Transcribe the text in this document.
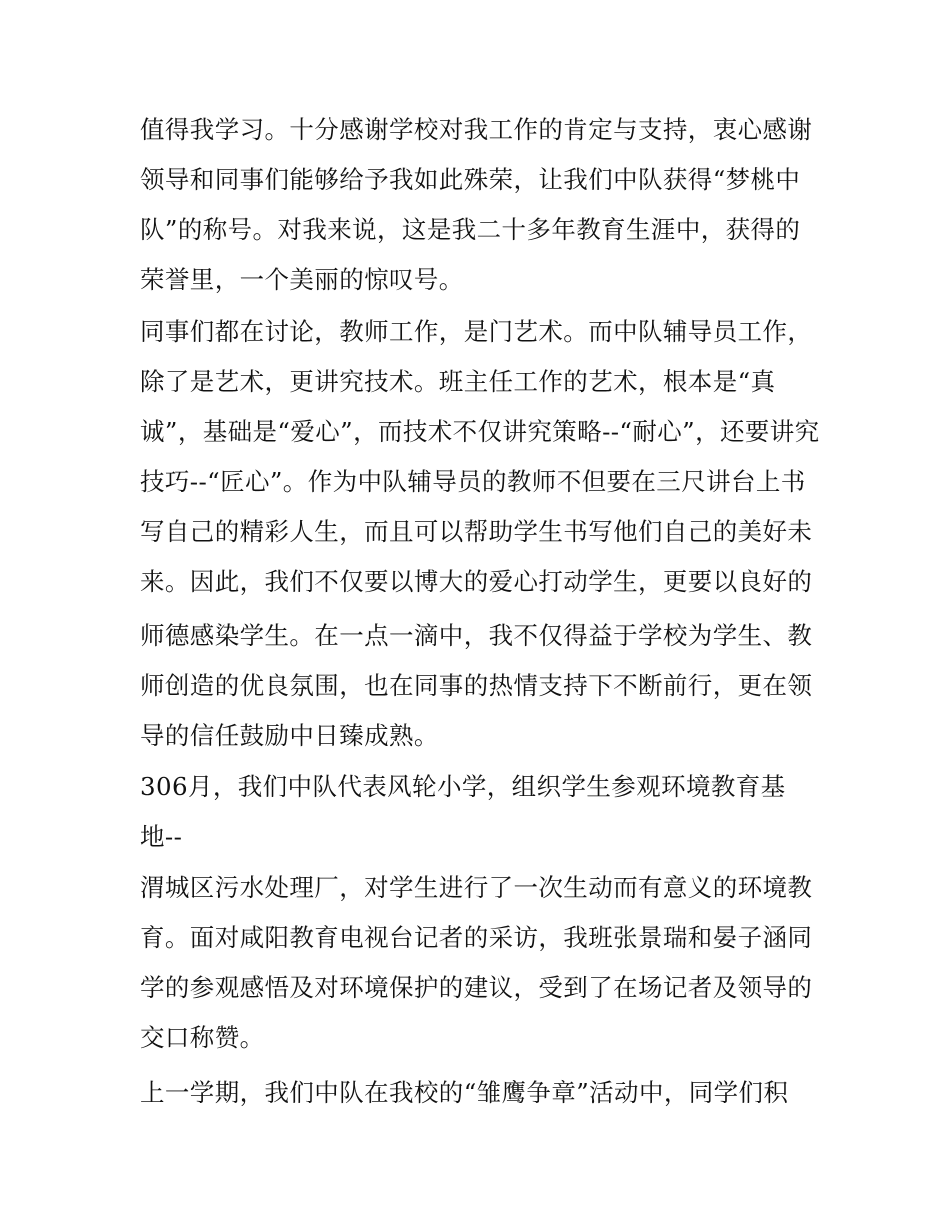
值得我学习。十分感谢学校对我工作的肯定与支持，衷心感谢
领导和同事们能够给予我如此殊荣，让我们中队获得“梦桃中
队”的称号。对我来说，这是我二十多年教育生涯中，获得的
荣誉里，一个美丽的惊叹号。
同事们都在讨论，教师工作，是门艺术。而中队辅导员工作，
除了是艺术，更讲究技术。班主任工作的艺术，根本是“真
诚”，基础是“爱心”，而技术不仅讲究策略--“耐心”，还要讲究
技巧--“匠心”。作为中队辅导员的教师不但要在三尺讲台上书
写自己的精彩人生，而且可以帮助学生书写他们自己的美好未
来。因此，我们不仅要以博大的爱心打动学生，更要以良好的
师德感染学生。在一点一滴中，我不仅得益于学校为学生、教
师创造的优良氛围，也在同事的热情支持下不断前行，更在领
导的信任鼓励中日臻成熟。
306月，我们中队代表风轮小学，组织学生参观环境教育基
地--
渭城区污水处理厂，对学生进行了一次生动而有意义的环境教
育。面对咸阳教育电视台记者的采访，我班张景瑞和晏子涵同
学的参观感悟及对环境保护的建议，受到了在场记者及领导的
交口称赞。
上一学期，我们中队在我校的“雏鹰争章”活动中，同学们积
